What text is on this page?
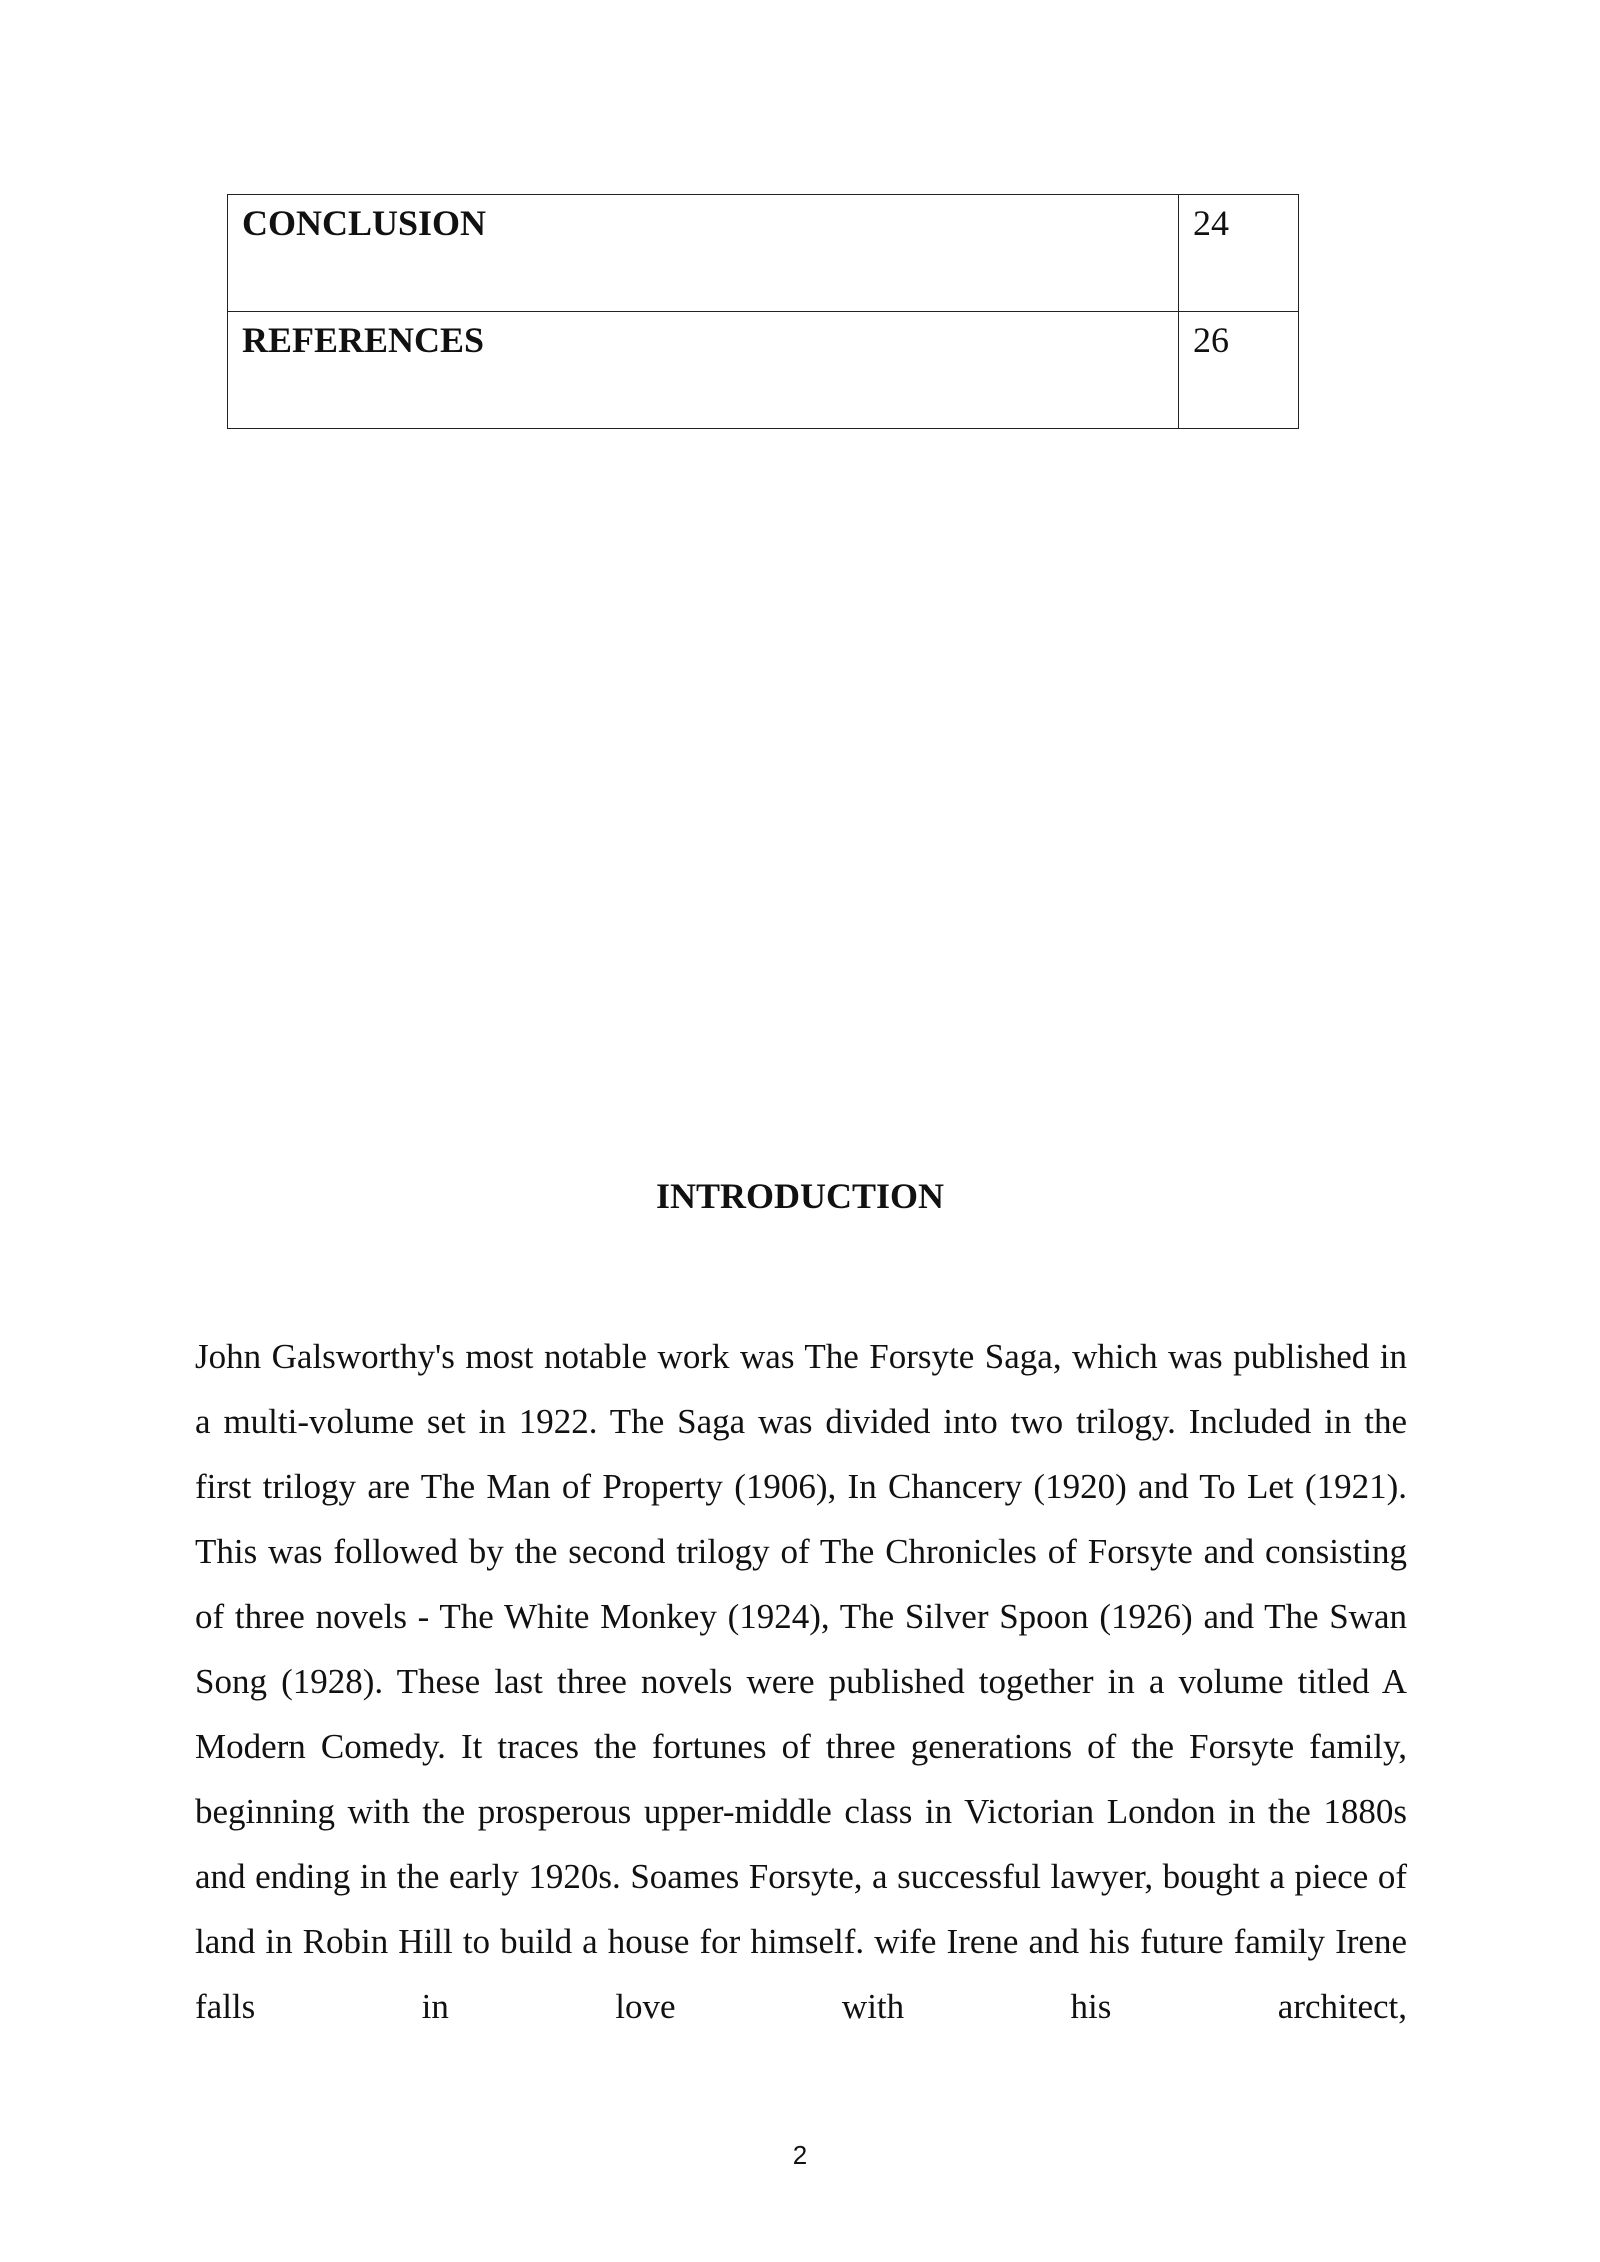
CONCLUSION	24
REFERENCES	26
INTRODUCTION

John Galsworthy's most notable work was The Forsyte Saga, which was published in a multi-volume set in 1922. The Saga was divided into two trilogy. Included in the first trilogy are The Man of Property (1906), In Chancery (1920) and To Let (1921). This was followed by the second trilogy of The Chronicles of Forsyte and consisting of three novels - The White Monkey (1924), The Silver Spoon (1926) and The Swan Song (1928). These last three novels were published together in a volume titled A Modern Comedy. It traces the fortunes of three generations of the Forsyte family, beginning with the prosperous upper-middle class in Victorian London in the 1880s and ending in the early 1920s. Soames Forsyte, a successful lawyer, bought a piece of land in Robin Hill to build a house for himself. wife Irene and his future family Irene falls in love with his architect,

2
